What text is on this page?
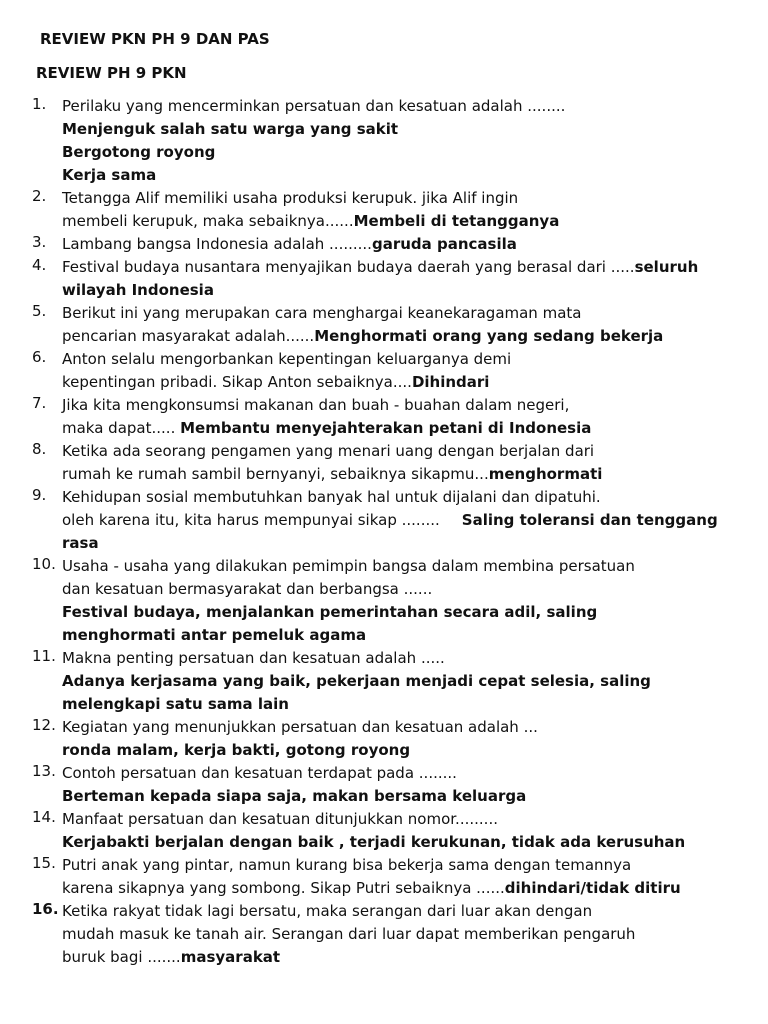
REVIEW PKN PH 9 DAN PAS
REVIEW PH 9 PKN
1.	Perilaku yang mencerminkan persatuan dan kesatuan adalah ........
Menjenguk salah satu warga yang sakit
Bergotong royong
Kerja sama
2.	Tetangga Alif memiliki usaha produksi kerupuk. jika Alif ingin
membeli kerupuk, maka sebaiknya......Membeli di tetangganya
3.	Lambang bangsa Indonesia adalah .........garuda pancasila
4.	Festival budaya nusantara menyajikan budaya daerah yang berasal dari .....seluruh
wilayah Indonesia
5.	Berikut ini yang merupakan cara menghargai keanekaragaman mata
pencarian masyarakat adalah......Menghormati orang yang sedang bekerja
6.	Anton selalu mengorbankan kepentingan keluarganya demi
kepentingan pribadi. Sikap Anton sebaiknya....Dihindari
7.	Jika kita mengkonsumsi makanan dan buah - buahan dalam negeri,
maka dapat..... Membantu menyejahterakan petani di Indonesia
8.	Ketika ada seorang pengamen yang menari uang dengan berjalan dari
rumah ke rumah sambil bernyanyi, sebaiknya sikapmu...menghormati
9.	Kehidupan sosial membutuhkan banyak hal untuk dijalani dan dipatuhi.
oleh karena itu, kita harus mempunyai sikap ........ Saling toleransi dan tenggang
rasa
10. Usaha - usaha yang dilakukan pemimpin bangsa dalam membina persatuan
dan kesatuan bermasyarakat dan berbangsa ......
Festival budaya, menjalankan pemerintahan secara adil, saling
menghormati antar pemeluk agama
11. Makna penting persatuan dan kesatuan adalah .....
Adanya kerjasama yang baik, pekerjaan menjadi cepat selesia, saling
melengkapi satu sama lain
12. Kegiatan yang menunjukkan persatuan dan kesatuan adalah ...
ronda malam, kerja bakti, gotong royong
13. Contoh persatuan dan kesatuan terdapat pada ........
Berteman kepada siapa saja, makan bersama keluarga
14. Manfaat persatuan dan kesatuan ditunjukkan nomor.........
Kerjabakti berjalan dengan baik , terjadi kerukunan, tidak ada kerusuhan
15. Putri anak yang pintar, namun kurang bisa bekerja sama dengan temannya
karena sikapnya yang sombong. Sikap Putri sebaiknya ......dihindari/tidak ditiru
16. Ketika rakyat tidak lagi bersatu, maka serangan dari luar akan dengan
mudah masuk ke tanah air. Serangan dari luar dapat memberikan pengaruh
buruk bagi .......masyarakat
